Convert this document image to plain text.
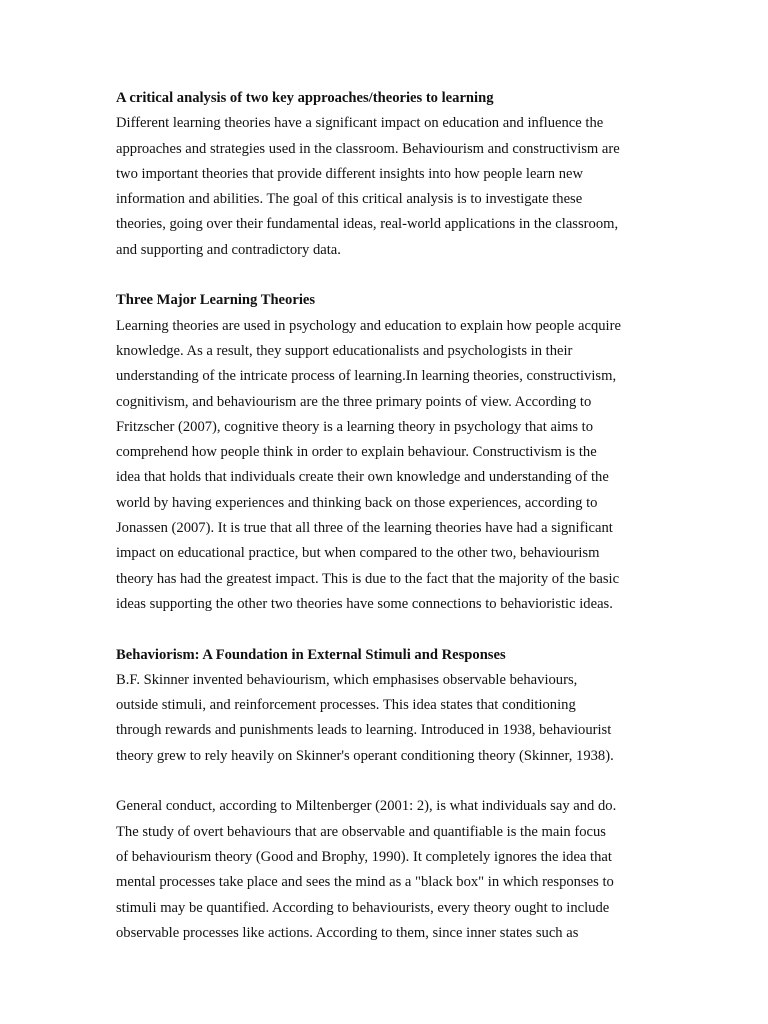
A critical analysis of two key approaches/theories to learning
Different learning theories have a significant impact on education and influence the
approaches and strategies used in the classroom. Behaviourism and constructivism are
two important theories that provide different insights into how people learn new
information and abilities. The goal of this critical analysis is to investigate these
theories, going over their fundamental ideas, real-world applications in the classroom,
and supporting and contradictory data.
Three Major Learning Theories
Learning theories are used in psychology and education to explain how people acquire
knowledge. As a result, they support educationalists and psychologists in their
understanding of the intricate process of learning.In learning theories, constructivism,
cognitivism, and behaviourism are the three primary points of view. According to
Fritzscher (2007), cognitive theory is a learning theory in psychology that aims to
comprehend how people think in order to explain behaviour. Constructivism is the
idea that holds that individuals create their own knowledge and understanding of the
world by having experiences and thinking back on those experiences, according to
Jonassen (2007). It is true that all three of the learning theories have had a significant
impact on educational practice, but when compared to the other two, behaviourism
theory has had the greatest impact. This is due to the fact that the majority of the basic
ideas supporting the other two theories have some connections to behavioristic ideas.
Behaviorism: A Foundation in External Stimuli and Responses
B.F. Skinner invented behaviourism, which emphasises observable behaviours,
outside stimuli, and reinforcement processes. This idea states that conditioning
through rewards and punishments leads to learning. Introduced in 1938, behaviourist
theory grew to rely heavily on Skinner's operant conditioning theory (Skinner, 1938).
General conduct, according to Miltenberger (2001: 2), is what individuals say and do.
The study of overt behaviours that are observable and quantifiable is the main focus
of behaviourism theory (Good and Brophy, 1990). It completely ignores the idea that
mental processes take place and sees the mind as a "black box" in which responses to
stimuli may be quantified. According to behaviourists, every theory ought to include
observable processes like actions. According to them, since inner states such as
